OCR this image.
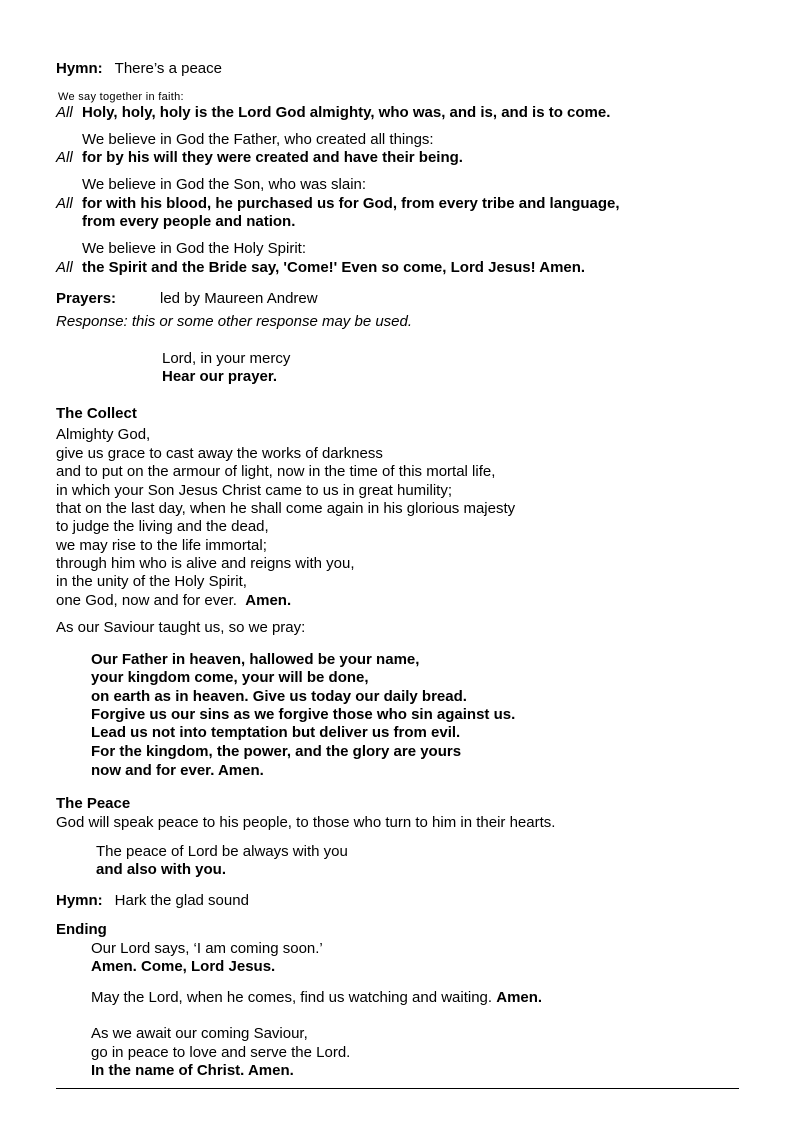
Hymn: There’s a peace
We say together in faith:
All Holy, holy, holy is the Lord God almighty, who was, and is, and is to come.
We believe in God the Father, who created all things:
All for by his will they were created and have their being.
We believe in God the Son, who was slain:
All for with his blood, he purchased us for God, from every tribe and language,
from every people and nation.
We believe in God the Holy Spirit:
All the Spirit and the Bride say, 'Come!' Even so come, Lord Jesus! Amen.
Prayers:	led by Maureen Andrew
Response: this or some other response may be used.
Lord, in your mercy
Hear our prayer.
The Collect
Almighty God,
give us grace to cast away the works of darkness
and to put on the armour of light, now in the time of this mortal life,
in which your Son Jesus Christ came to us in great humility;
that on the last day, when he shall come again in his glorious majesty
to judge the living and the dead,
we may rise to the life immortal;
through him who is alive and reigns with you,
in the unity of the Holy Spirit,
one God, now and for ever. Amen.
As our Saviour taught us, so we pray:
Our Father in heaven, hallowed be your name,
your kingdom come, your will be done,
on earth as in heaven. Give us today our daily bread.
Forgive us our sins as we forgive those who sin against us.
Lead us not into temptation but deliver us from evil.
For the kingdom, the power, and the glory are yours
now and for ever. Amen.
The Peace
God will speak peace to his people, to those who turn to him in their hearts.
The peace of Lord be always with you
and also with you.
Hymn: Hark the glad sound
Ending
Our Lord says, ‘I am coming soon.’
Amen. Come, Lord Jesus.
May the Lord, when he comes, find us watching and waiting. Amen.
As we await our coming Saviour,
go in peace to love and serve the Lord.
In the name of Christ. Amen.
